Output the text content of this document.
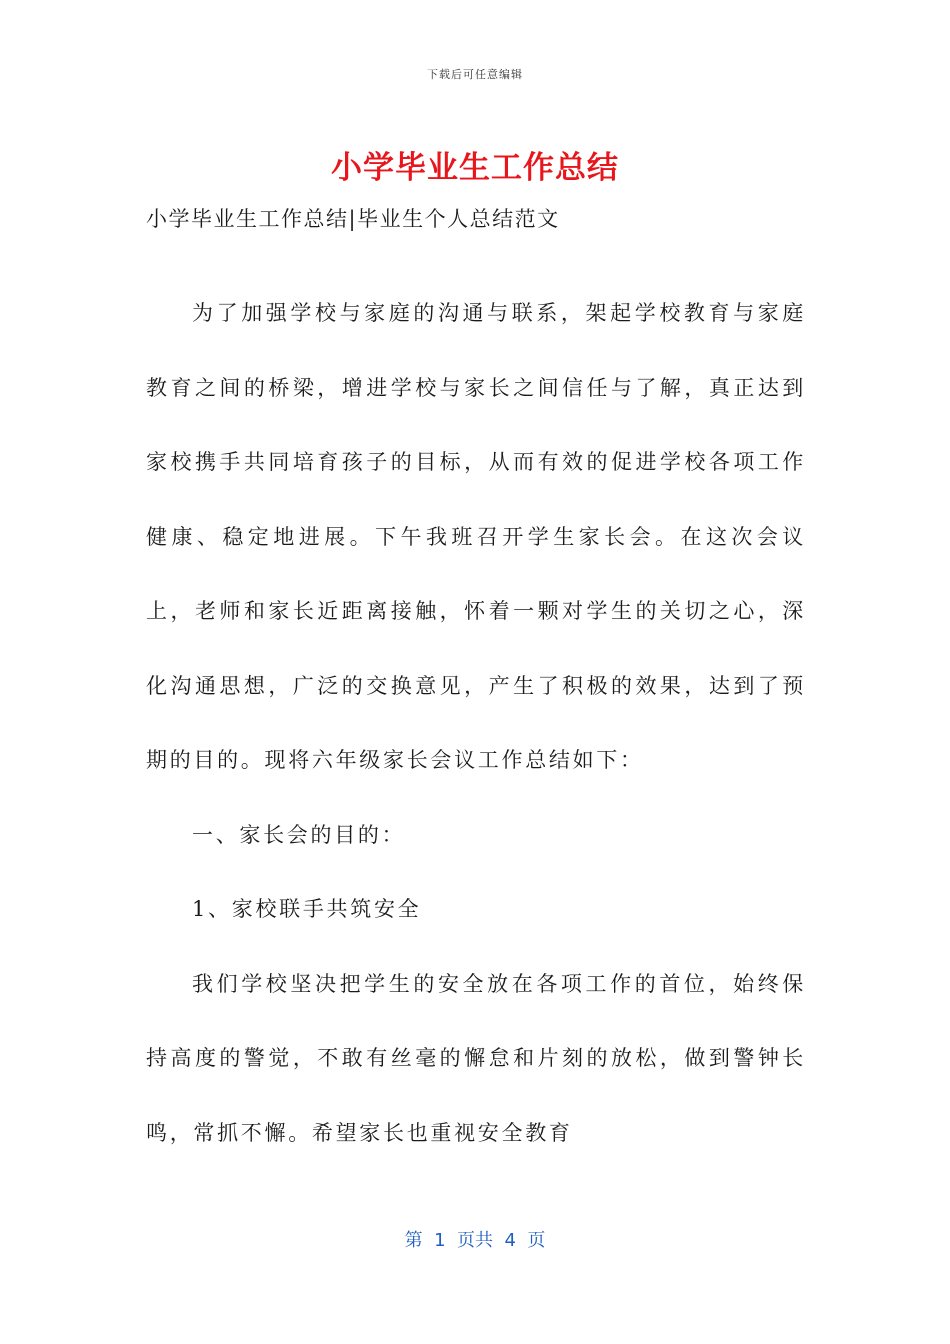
下载后可任意编辑
小学毕业生工作总结
小学毕业生工作总结|毕业生个人总结范文

为了加强学校与家庭的沟通与联系，架起学校教育与家庭教育之间的桥梁，增进学校与家长之间信任与了解，真正达到家校携手共同培育孩子的目标，从而有效的促进学校各项工作健康、稳定地进展。下午我班召开学生家长会。在这次会议上，老师和家长近距离接触，怀着一颗对学生的关切之心，深化沟通思想，广泛的交换意见，产生了积极的效果，达到了预期的目的。现将六年级家长会议工作总结如下：

一、家长会的目的：

1、家校联手共筑安全

我们学校坚决把学生的安全放在各项工作的首位，始终保持高度的警觉，不敢有丝毫的懈怠和片刻的放松，做到警钟长鸣，常抓不懈。希望家长也重视安全教育

第  1  页共  4  页
